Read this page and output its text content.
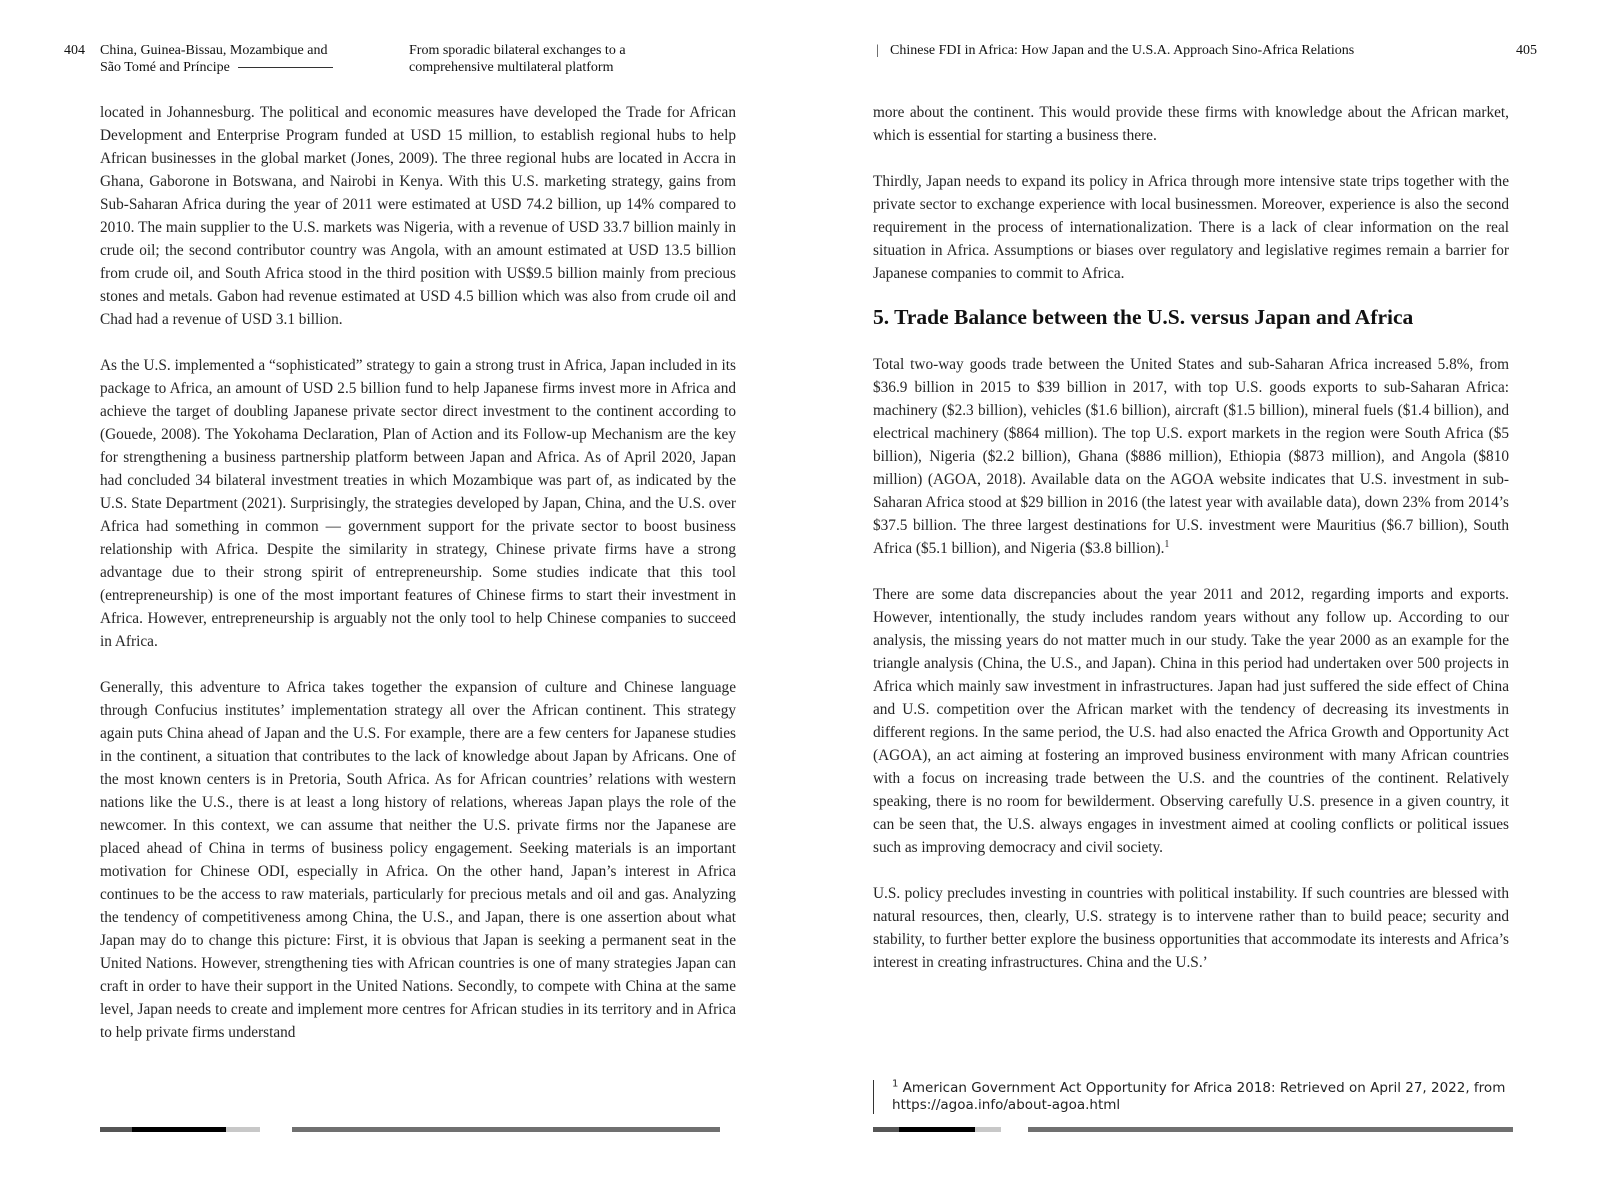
404 China, Guinea-Bissau, Mozambique and
São Tomé and Príncipe
From sporadic bilateral exchanges to a
comprehensive multilateral platform

located in Johannesburg. The political and economic measures have developed the Trade for African Development and Enterprise Program funded at USD 15 million, to establish regional hubs to help African businesses in the global market (Jones, 2009). The three regional hubs are located in Accra in Ghana, Gaborone in Botswana, and Nairobi in Kenya. With this U.S. marketing strategy, gains from Sub-Saharan Africa during the year of 2011 were estimated at USD 74.2 billion, up 14% compared to 2010. The main supplier to the U.S. markets was Nigeria, with a revenue of USD 33.7 billion mainly in crude oil; the second contributor country was Angola, with an amount estimated at USD 13.5 billion from crude oil, and South Africa stood in the third position with US$9.5 billion mainly from precious stones and metals. Gabon had revenue estimated at USD 4.5 billion which was also from crude oil and Chad had a revenue of USD 3.1 billion.

As the U.S. implemented a “sophisticated” strategy to gain a strong trust in Africa, Japan included in its package to Africa, an amount of USD 2.5 billion fund to help Japanese firms invest more in Africa and achieve the target of doubling Japanese private sector direct investment to the continent according to (Gouede, 2008). The Yokohama Declaration, Plan of Action and its Follow-up Mechanism are the key for strengthening a business partnership platform between Japan and Africa. As of April 2020, Japan had concluded 34 bilateral investment treaties in which Mozambique was part of, as indicated by the U.S. State Department (2021). Surprisingly, the strategies developed by Japan, China, and the U.S. over Africa had something in common — government support for the private sector to boost business relationship with Africa. Despite the similarity in strategy, Chinese private firms have a strong advantage due to their strong spirit of entrepreneurship. Some studies indicate that this tool (entrepreneurship) is one of the most important features of Chinese firms to start their investment in Africa. However, entrepreneurship is arguably not the only tool to help Chinese companies to succeed in Africa.

Generally, this adventure to Africa takes together the expansion of culture and Chinese language through Confucius institutes’ implementation strategy all over the African continent. This strategy again puts China ahead of Japan and the U.S. For example, there are a few centers for Japanese studies in the continent, a situation that contributes to the lack of knowledge about Japan by Africans. One of the most known centers is in Pretoria, South Africa. As for African countries’ relations with western nations like the U.S., there is at least a long history of relations, whereas Japan plays the role of the newcomer. In this context, we can assume that neither the U.S. private firms nor the Japanese are placed ahead of China in terms of business policy engagement. Seeking materials is an important motivation for Chinese ODI, especially in Africa. On the other hand, Japan’s interest in Africa continues to be the access to raw materials, particularly for precious metals and oil and gas. Analyzing the tendency of competitiveness among China, the U.S., and Japan, there is one assertion about what Japan may do to change this picture: First, it is obvious that Japan is seeking a permanent seat in the United Nations. However, strengthening ties with African countries is one of many strategies Japan can craft in order to have their support in the United Nations. Secondly, to compete with China at the same level, Japan needs to create and implement more centres for African studies in its territory and in Africa to help private firms understand

| Chinese FDI in Africa: How Japan and the U.S.A. Approach Sino-Africa Relations	405

more about the continent. This would provide these firms with knowledge about the African market, which is essential for starting a business there.

Thirdly, Japan needs to expand its policy in Africa through more intensive state trips together with the private sector to exchange experience with local businessmen. Moreover, experience is also the second requirement in the process of internationalization. There is a lack of clear information on the real situation in Africa. Assumptions or biases over regulatory and legislative regimes remain a barrier for Japanese companies to commit to Africa.

5. Trade Balance between the U.S. versus Japan and Africa

Total two-way goods trade between the United States and sub-Saharan Africa increased 5.8%, from $36.9 billion in 2015 to $39 billion in 2017, with top U.S. goods exports to sub-Saharan Africa: machinery ($2.3 billion), vehicles ($1.6 billion), aircraft ($1.5 billion), mineral fuels ($1.4 billion), and electrical machinery ($864 million). The top U.S. export markets in the region were South Africa ($5 billion), Nigeria ($2.2 billion), Ghana ($886 million), Ethiopia ($873 million), and Angola ($810 million) (AGOA, 2018). Available data on the AGOA website indicates that U.S. investment in sub-Saharan Africa stood at $29 billion in 2016 (the latest year with available data), down 23% from 2014’s $37.5 billion. The three largest destinations for U.S. investment were Mauritius ($6.7 billion), South Africa ($5.1 billion), and Nigeria ($3.8 billion).$^1$

There are some data discrepancies about the year 2011 and 2012, regarding imports and exports. However, intentionally, the study includes random years without any follow up. According to our analysis, the missing years do not matter much in our study. Take the year 2000 as an example for the triangle analysis (China, the U.S., and Japan). China in this period had undertaken over 500 projects in Africa which mainly saw investment in infrastructures. Japan had just suffered the side effect of China and U.S. competition over the African market with the tendency of decreasing its investments in different regions. In the same period, the U.S. had also enacted the Africa Growth and Opportunity Act (AGOA), an act aiming at fostering an improved business environment with many African countries with a focus on increasing trade between the U.S. and the countries of the continent. Relatively speaking, there is no room for bewilderment. Observing carefully U.S. presence in a given country, it can be seen that, the U.S. always engages in investment aimed at cooling conflicts or political issues such as improving democracy and civil society.

U.S. policy precludes investing in countries with political instability. If such countries are blessed with natural resources, then, clearly, U.S. strategy is to intervene rather than to build peace; security and stability, to further better explore the business opportunities that accommodate its interests and Africa’s interest in creating infrastructures. China and the U.S.’

$^1$ American Government Act Opportunity for Africa 2018: Retrieved on April 27, 2022, from https://agoa.info/about-agoa.html
